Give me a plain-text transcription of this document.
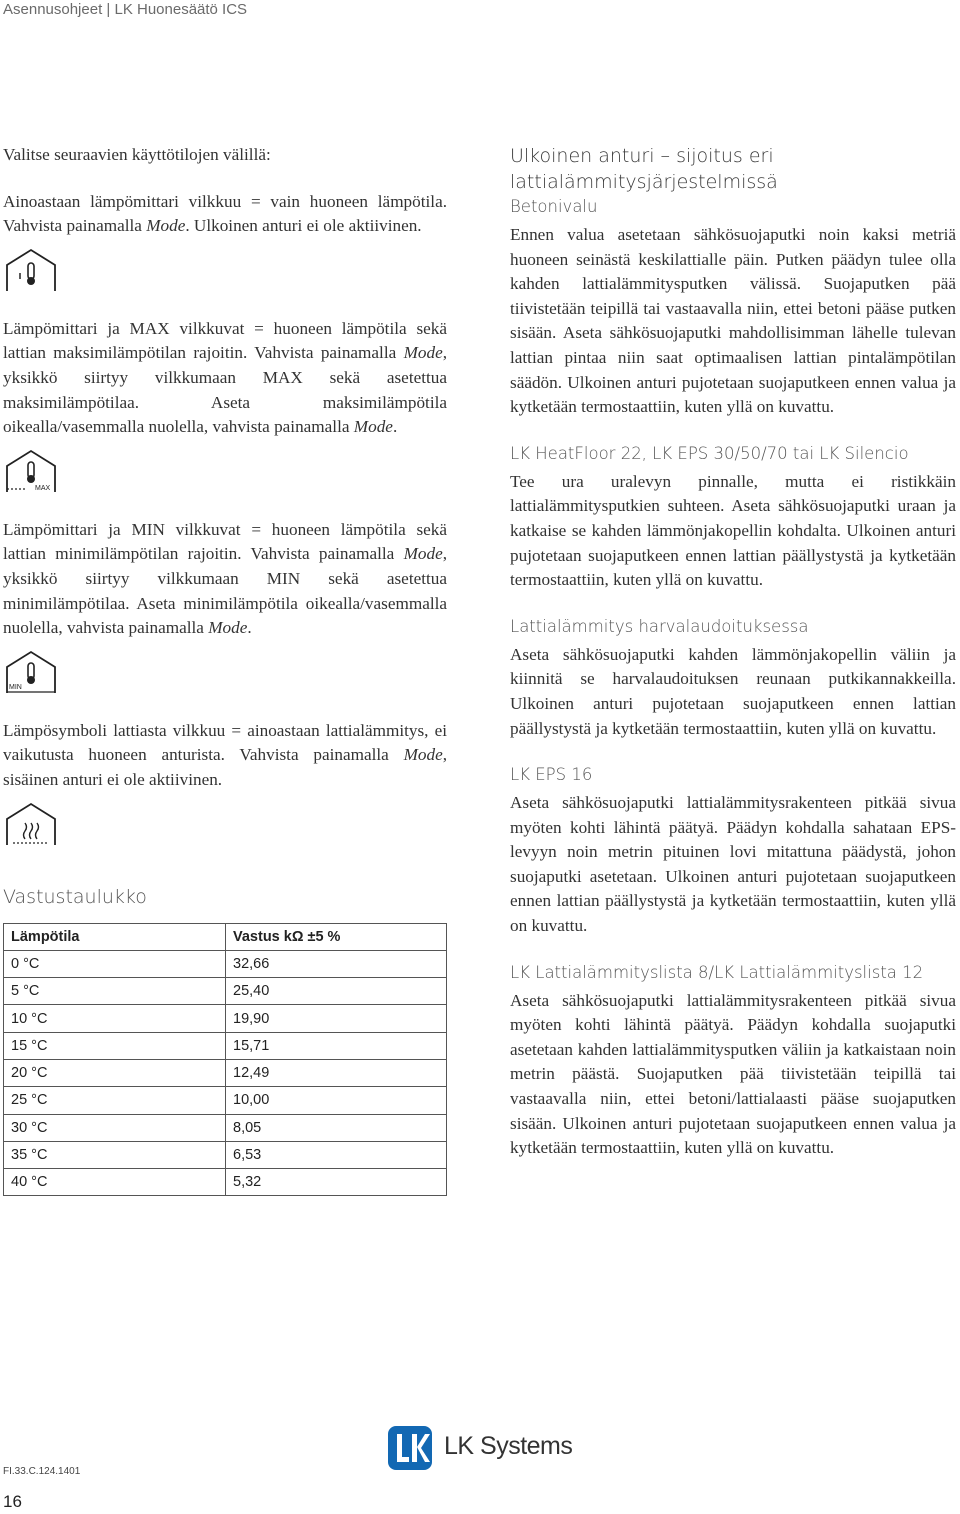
Asennusohjeet | LK Huonesäätö ICS

Valitse seuraavien käyttötilojen välillä:

Ainoastaan lämpömittari vilkkuu = vain huoneen lämpötila. Vahvista painamalla Mode. Ulkoinen anturi ei ole aktiivinen.

Lämpömittari ja MAX vilkkuvat = huoneen lämpötila sekä lattian maksimilämpötilan rajoitin. Vahvista painamalla Mode, yksikkö siirtyy vilkkumaan MAX sekä asetettua maksimilämpötilaa. Aseta maksimilämpötila oikealla/vasemmalla nuolella, vahvista painamalla Mode.

MAX

Lämpömittari ja MIN vilkkuvat = huoneen lämpötila sekä lattian minimilämpötilan rajoitin. Vahvista painamalla Mode, yksikkö siirtyy vilkkumaan MIN sekä asetettua minimilämpötilaa. Aseta minimilämpötila oikealla/vasemmalla nuolella, vahvista painamalla Mode.

MIN

Lämpösymboli lattiasta vilkkuu = ainoastaan lattialämmitys, ei vaikutusta huoneen anturista. Vahvista painamalla Mode, sisäinen anturi ei ole aktiivinen.

Vastustaulukko
Lämpötila	Vastus kΩ ±5 %
0 °C	32,66
5 °C	25,40
10 °C	19,90
15 °C	15,71
20 °C	12,49
25 °C	10,00
30 °C	8,05
35 °C	6,53
40 °C	5,32
Ulkoinen anturi – sijoitus eri lattialämmitysjärjestelmissä
Betonivalu

Ennen valua asetetaan sähkösuojaputki noin kaksi metriä huoneen seinästä keskilattialle päin. Putken päädyn tulee olla kahden lattialämmitysputken välissä. Suojaputken pää tiivistetään teipillä tai vastaavalla niin, ettei betoni pääse putken sisään. Aseta sähkösuojaputki mahdollisimman lähelle tulevan lattian pintaa niin saat optimaalisen lattian pintalämpötilan säädön. Ulkoinen anturi pujotetaan suojaputkeen ennen valua ja kytketään termostaattiin, kuten yllä on kuvattu.

LK HeatFloor 22, LK EPS 30/50/70 tai LK Silencio

Tee ura uralevyn pinnalle, mutta ei ristikkäin lattialämmitysputkien suhteen. Aseta sähkösuojaputki uraan ja katkaise se kahden lämmönjakopellin kohdalta. Ulkoinen anturi pujotetaan suojaputkeen ennen lattian päällystystä ja kytketään termostaattiin, kuten yllä on kuvattu.

Lattialämmitys harvalaudoituksessa

Aseta sähkösuojaputki kahden lämmönjakopellin väliin ja kiinnitä se harvalaudoituksen reunaan putkikannakkeilla. Ulkoinen anturi pujotetaan suojaputkeen ennen lattian päällystystä ja kytketään termostaattiin, kuten yllä on kuvattu.

LK EPS 16

Aseta sähkösuojaputki lattialämmitysrakenteen pitkää sivua myöten kohti lähintä päätyä. Päädyn kohdalla sahataan EPS-levyyn noin metrin pituinen lovi mitattuna päädystä, johon suojaputki asetetaan. Ulkoinen anturi pujotetaan suojaputkeen ennen lattian päällystystä ja kytketään termostaattiin, kuten yllä on kuvattu.

LK Lattialämmityslista 8/LK Lattialämmityslista 12

Aseta sähkösuojaputki lattialämmitysrakenteen pitkää sivua myöten kohti lähintä päätyä. Päädyn kohdalla suojaputki asetetaan kahden lattialämmitysputken väliin ja katkaistaan noin metrin päästä. Suojaputken pää tiivistetään teipillä tai vastaavalla niin, ettei betoni/lattialaasti pääse suojaputken sisään. Ulkoinen anturi pujotetaan suojaputkeen ennen valua ja kytketään termostaattiin, kuten yllä on kuvattu.

LK Systems
FI.33.C.124.1401
16
